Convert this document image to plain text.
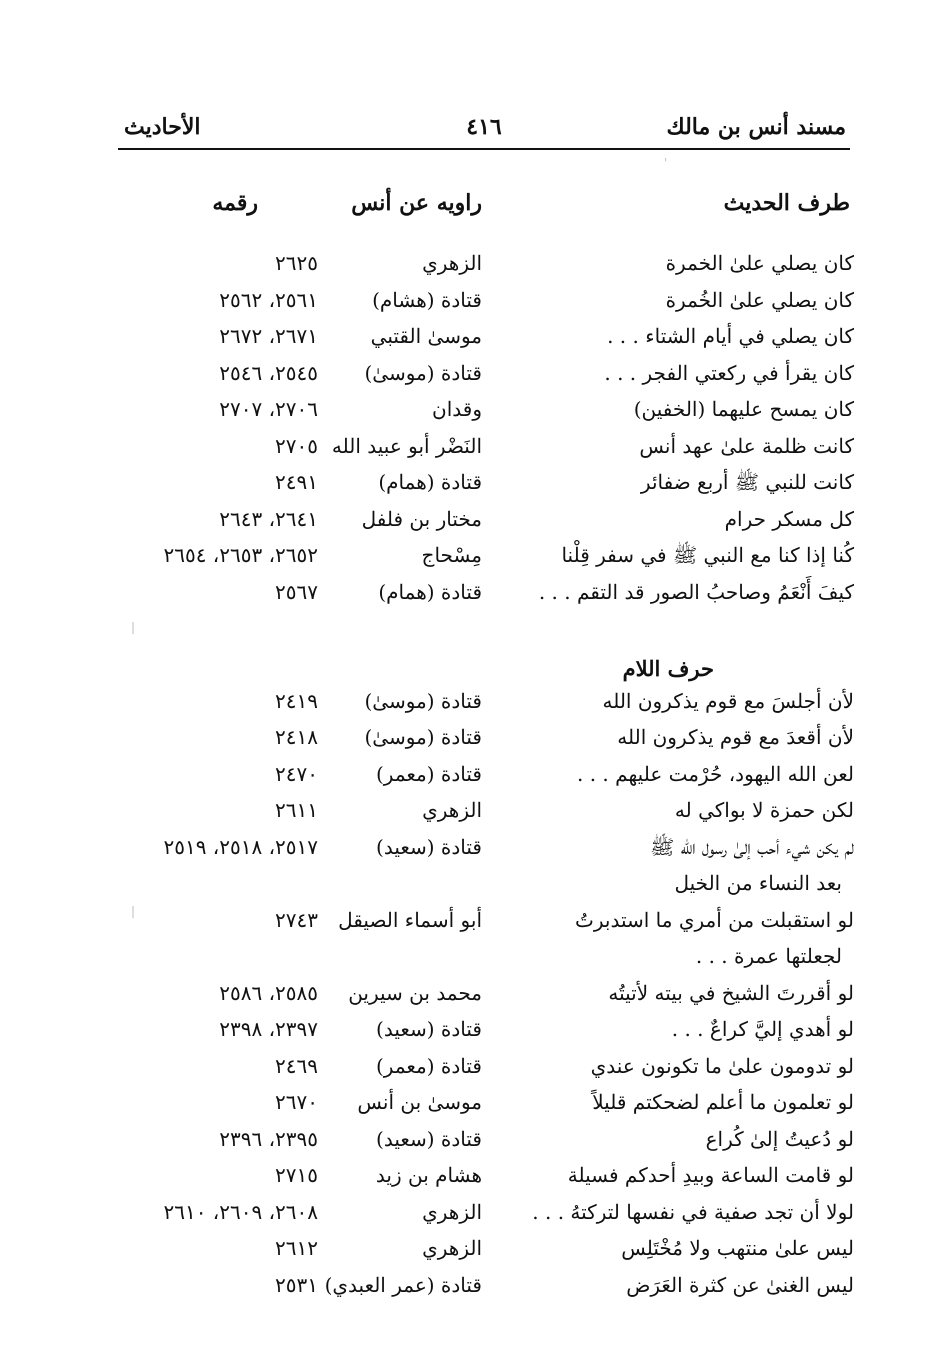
مسند أنس بن مالك
٤١٦
الأحاديث
طرف الحديث
راويه عن أنس
رقمه
كان يصلي علىٰ الخمرة
الزهري
٢٦٢٥
كان يصلي علىٰ الخُمرة
قتادة (هشام)
٢٥٦١، ٢٥٦٢
كان يصلي في أيام الشتاء . . .
موسىٰ القتبي
٢٦٧١، ٢٦٧٢
كان يقرأ في ركعتي الفجر . . .
قتادة (موسىٰ)
٢٥٤٥، ٢٥٤٦
كان يمسح عليهما (الخفين)
وقدان
٢٧٠٦، ٢٧٠٧
كانت ظلمة علىٰ عهد أنس
النَضْر أبو عبيد الله
٢٧٠٥
كانت للنبي ﷺ أربع ضفائر
قتادة (همام)
٢٤٩١
كل مسكر حرام
مختار بن فلفل
٢٦٤١، ٢٦٤٣
كُنا إذا كنا مع النبي ﷺ في سفر قِلْنا
مِسْحاج
٢٦٥٢، ٢٦٥٣، ٢٦٥٤
كيفَ أَنْعَمُ وصاحبُ الصور قد التقم . . .
قتادة (همام)
٢٥٦٧
حرف اللام
لأن أجلسَ مع قوم يذكرون الله
قتادة (موسىٰ)
٢٤١٩
لأن أقعدَ مع قوم يذكرون الله
قتادة (موسىٰ)
٢٤١٨
لعن الله اليهود، حُرْمت عليهم . . .
قتادة (معمر)
٢٤٧٠
لكن حمزة لا بواكي له
الزهري
٢٦١١
لم يكن شيء أحب إلىٰ رسول الله ﷺ
قتادة (سعيد)
٢٥١٧، ٢٥١٨، ٢٥١٩
بعد النساء من الخيل
لو استقبلت من أمري ما استدبرتُ
أبو أسماء الصيقل
٢٧٤٣
لجعلتها عمرة . . .
لو أقررتَ الشيخ في بيته لأتيتُه
محمد بن سيرين
٢٥٨٥، ٢٥٨٦
لو أهدي إليَّ كراعٌ . . .
قتادة (سعيد)
٢٣٩٧، ٢٣٩٨
لو تدومون علىٰ ما تكونون عندي
قتادة (معمر)
٢٤٦٩
لو تعلمون ما أعلم لضحكتم قليلاً
موسىٰ بن أنس
٢٦٧٠
لو دُعيتُ إلىٰ كُراع
قتادة (سعيد)
٢٣٩٥، ٢٣٩٦
لو قامت الساعة وبيدِ أحدكم فسيلة
هشام بن زيد
٢٧١٥
لولا أن تجد صفية في نفسها لتركتهُ . . .
الزهري
٢٦٠٨، ٢٦٠٩، ٢٦١٠
ليس علىٰ منتهب ولا مُخْتَلِس
الزهري
٢٦١٢
ليس الغنىٰ عن كثرة العَرَض
قتادة (عمر العبدي)
٢٥٣١
'
|
|
